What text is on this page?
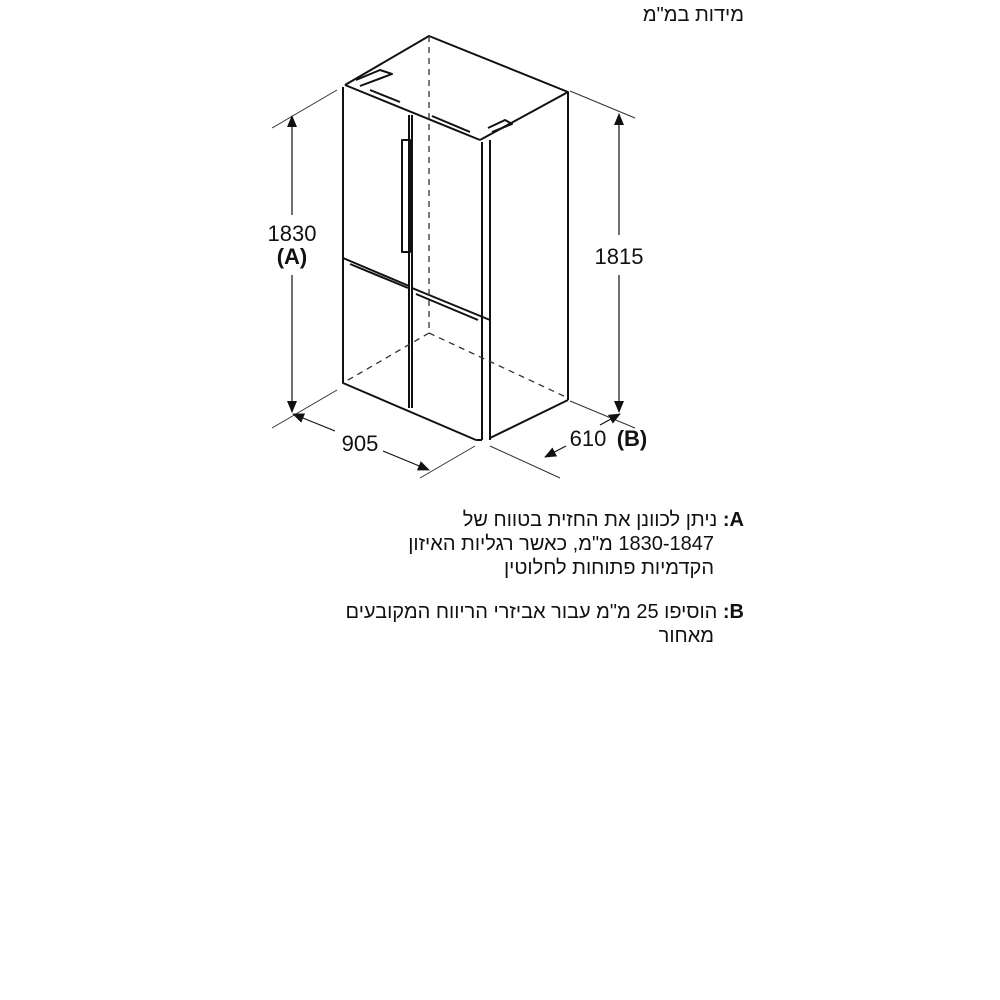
מידות במ"מ
1830
(A)	1815
905	610 (B)
A: ניתן לכוונן את החזית בטווח של
1830-1847 מ"מ, כאשר רגליות האיזון
הקדמיות פתוחות לחלוטין
B: הוסיפו 25 מ"מ עבור אביזרי הריווח המקובעים
מאחור
